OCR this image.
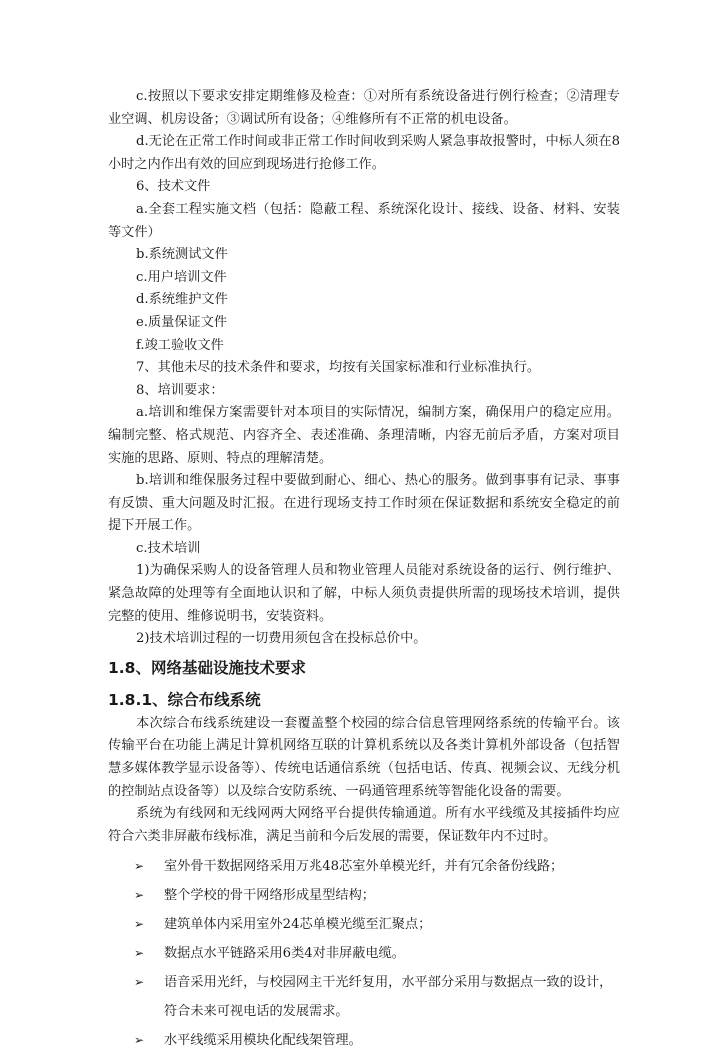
c.按照以下要求安排定期维修及检查：①对所有系统设备进行例行检查；②清理专业空调、机房设备；③调试所有设备；④维修所有不正常的机电设备。

d.无论在正常工作时间或非正常工作时间收到采购人紧急事故报警时，中标人须在8小时之内作出有效的回应到现场进行抢修工作。

6、技术文件

a.全套工程实施文档（包括：隐蔽工程、系统深化设计、接线、设备、材料、安装等文件）

b.系统测试文件

c.用户培训文件

d.系统维护文件

e.质量保证文件

f.竣工验收文件

7、其他未尽的技术条件和要求，均按有关国家标准和行业标准执行。

8、培训要求：

a.培训和维保方案需要针对本项目的实际情况，编制方案，确保用户的稳定应用。编制完整、格式规范、内容齐全、表述准确、条理清晰，内容无前后矛盾，方案对项目实施的思路、原则、特点的理解清楚。

b.培训和维保服务过程中要做到耐心、细心、热心的服务。做到事事有记录、事事有反馈、重大问题及时汇报。在进行现场支持工作时须在保证数据和系统安全稳定的前提下开展工作。

c.技术培训

1)为确保采购人的设备管理人员和物业管理人员能对系统设备的运行、例行维护、紧急故障的处理等有全面地认识和了解，中标人须负责提供所需的现场技术培训，提供完整的使用、维修说明书，安装资料。

2)技术培训过程的一切费用须包含在投标总价中。

1.8、网络基础设施技术要求
1.8.1、综合布线系统

本次综合布线系统建设一套覆盖整个校园的综合信息管理网络系统的传输平台。该传输平台在功能上满足计算机网络互联的计算机系统以及各类计算机外部设备（包括智慧多媒体教学显示设备等）、传统电话通信系统（包括电话、传真、视频会议、无线分机的控制站点设备等）以及综合安防系统、一码通管理系统等智能化设备的需要。

系统为有线网和无线网两大网络平台提供传输通道。所有水平线缆及其接插件均应符合六类非屏蔽布线标准，满足当前和今后发展的需要，保证数年内不过时。

➢ 室外骨干数据网络采用万兆48芯室外单模光纤，并有冗余备份线路；
➢ 整个学校的骨干网络形成星型结构；
➢ 建筑单体内采用室外24芯单模光缆至汇聚点；
➢ 数据点水平链路采用6类4对非屏蔽电缆。
➢ 语音采用光纤，与校园网主干光纤复用，水平部分采用与数据点一致的设计，符合未来可视电话的发展需求。
➢ 水平线缆采用模块化配线架管理。
